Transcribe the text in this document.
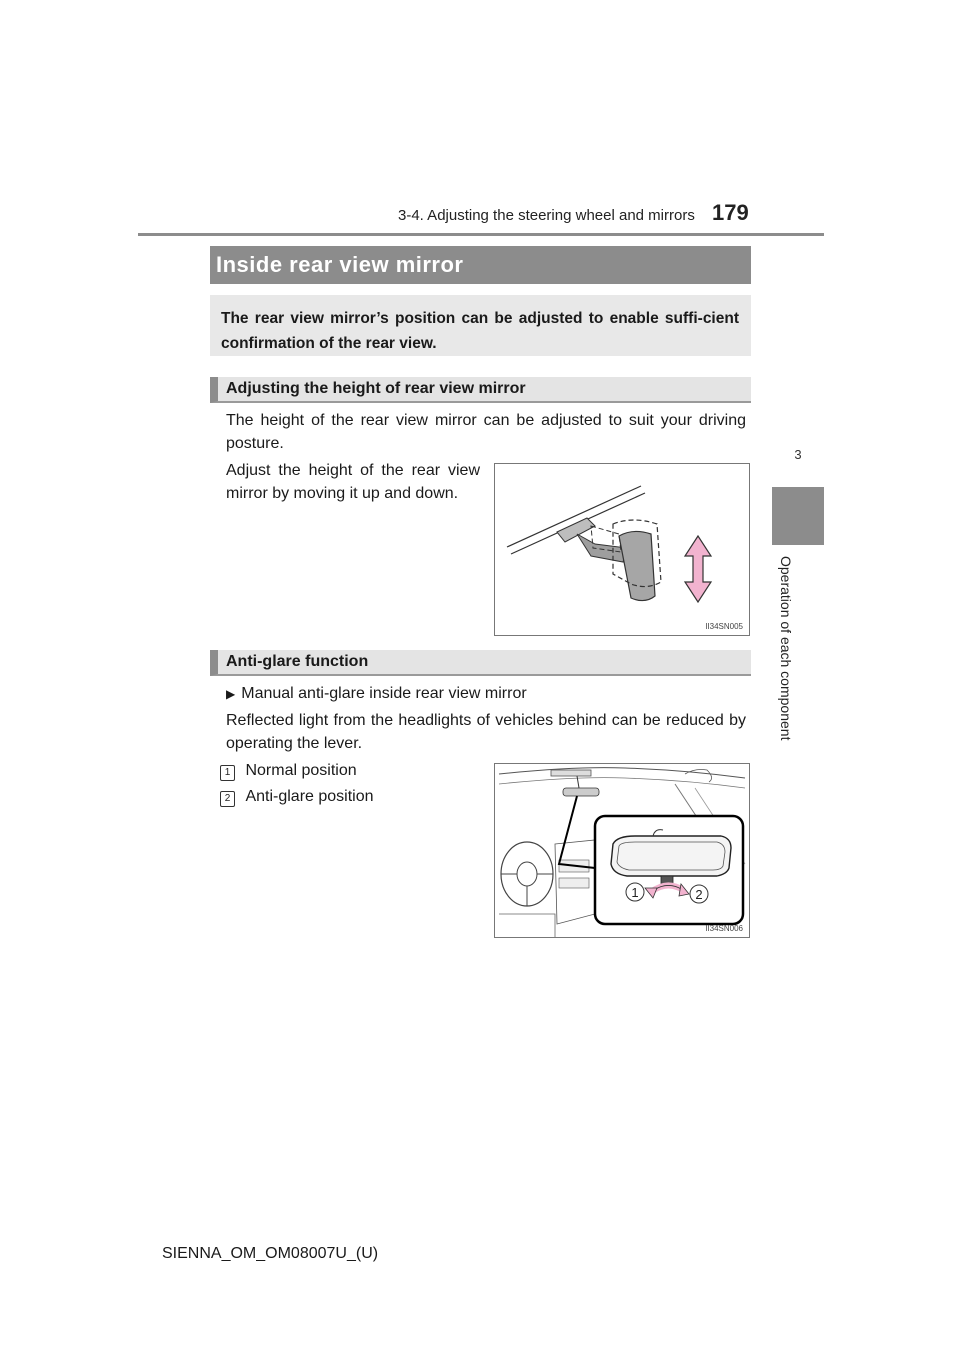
3-4. Adjusting the steering wheel and mirrors 179
3
Operation of each component
Inside rear view mirror
The rear view mirror’s position can be adjusted to enable suffi-cient confirmation of the rear view.
Adjusting the height of rear view mirror
The height of the rear view mirror can be adjusted to suit your driving posture.
Adjust the height of the rear view mirror by moving it up and down.
II34SN005
Anti-glare function
▶ Manual anti-glare inside rear view mirror
Reflected light from the headlights of vehicles behind can be reduced by operating the lever.
1 Normal position
2 Anti-glare position
1	2
II34SN006
SIENNA_OM_OM08007U_(U)
